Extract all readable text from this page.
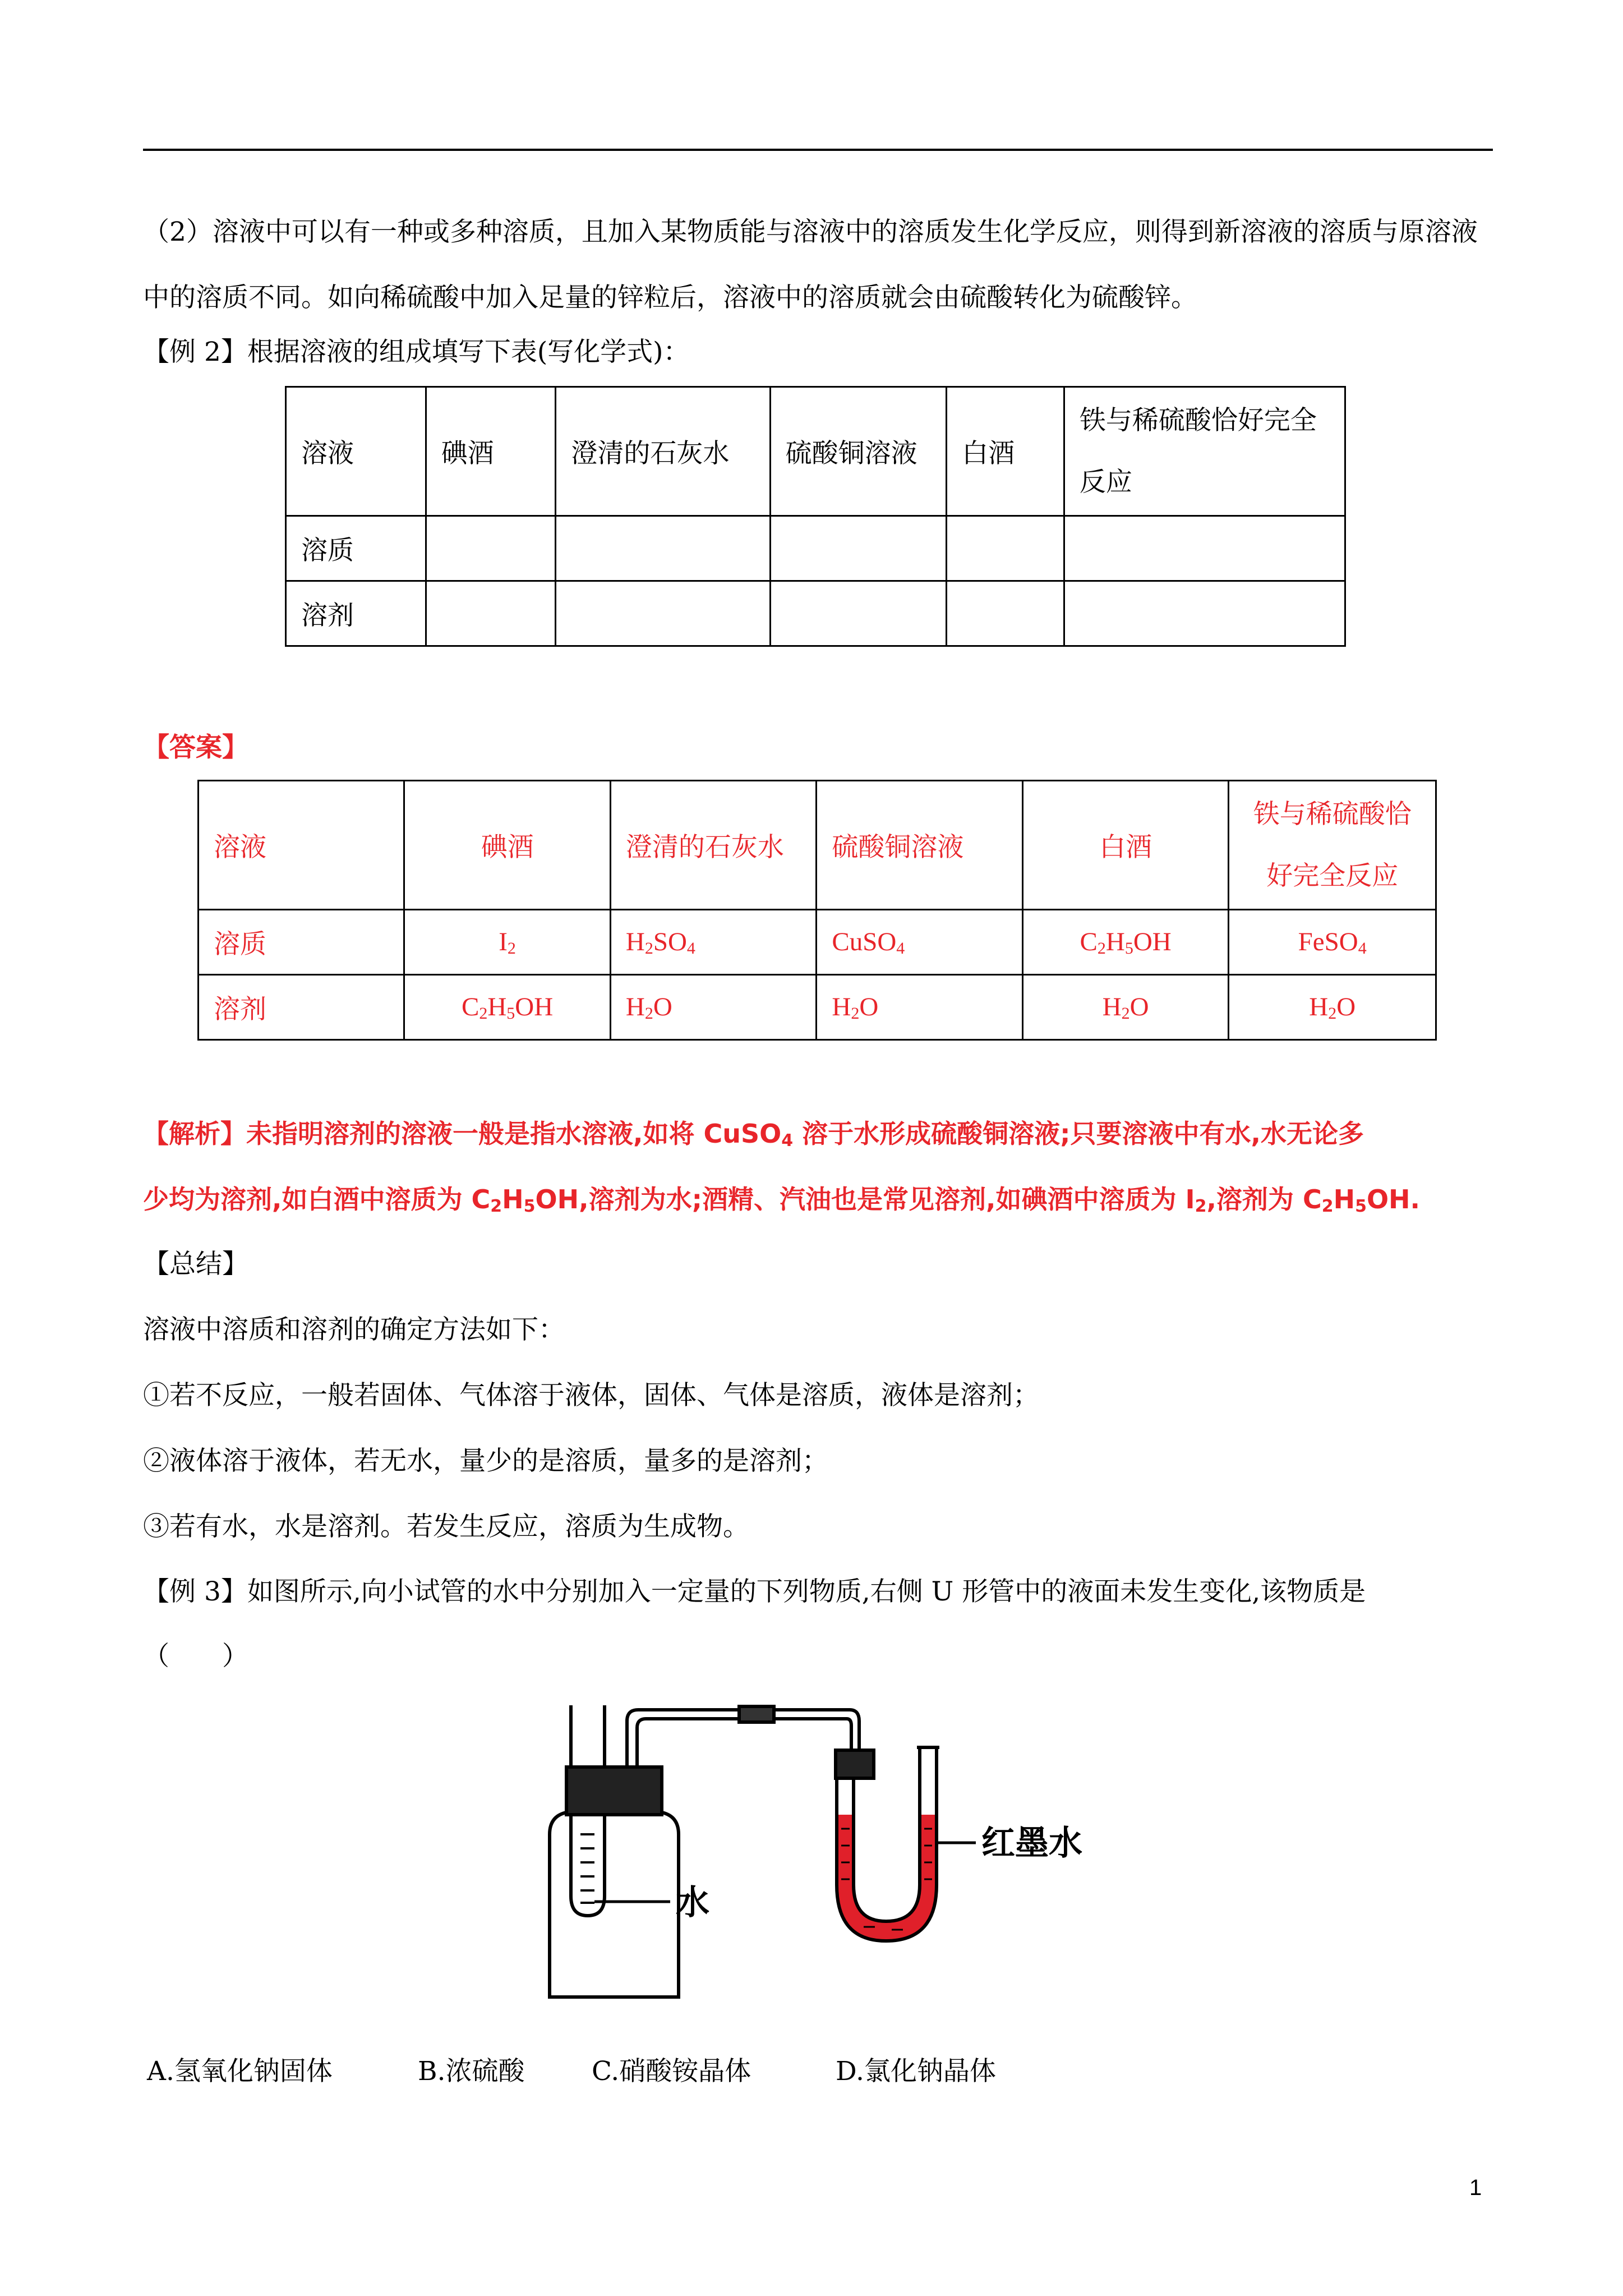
（2）溶液中可以有一种或多种溶质，且加入某物质能与溶液中的溶质发生化学反应，则得到新溶液的溶质与原溶液中的溶质不同。如向稀硫酸中加入足量的锌粒后，溶液中的溶质就会由硫酸转化为硫酸锌。
【例 2】根据溶液的组成填写下表(写化学式)：
溶液	碘酒	澄清的石灰水	硫酸铜溶液	白酒	铁与稀硫酸恰好完全反应
溶质					
溶剂					
【答案】
溶液	碘酒	澄清的石灰水	硫酸铜溶液	白酒	铁与稀硫酸恰好完全反应
溶质	$I_2$	$H_2SO_4$	CuSO$_4$	$C_2H_5OH$	FeSO$_4$
溶剂	$C_2H_5OH$	$H_2O$	$H_2O$	$H_2O$	$H_2O$
【解析】未指明溶剂的溶液一般是指水溶液,如将 CuSO$_4$ 溶于水形成硫酸铜溶液;只要溶液中有水,水无论多
少均为溶剂,如白酒中溶质为 $C_2H_5OH$,溶剂为水;酒精、汽油也是常见溶剂,如碘酒中溶质为 $I_2$,溶剂为 $C_2H_5OH$.
【总结】
溶液中溶质和溶剂的确定方法如下：
①若不反应，一般若固体、气体溶于液体，固体、气体是溶质，液体是溶剂；
②液体溶于液体，若无水，量少的是溶质，量多的是溶剂；
③若有水，水是溶剂。若发生反应，溶质为生成物。
【例 3】如图所示,向小试管的水中分别加入一定量的下列物质,右侧 U 形管中的液面未发生变化,该物质是
（　　）
水
红墨水
A.氢氧化钠固体	B.浓硫酸	C.硝酸铵晶体	D.氯化钠晶体
1
